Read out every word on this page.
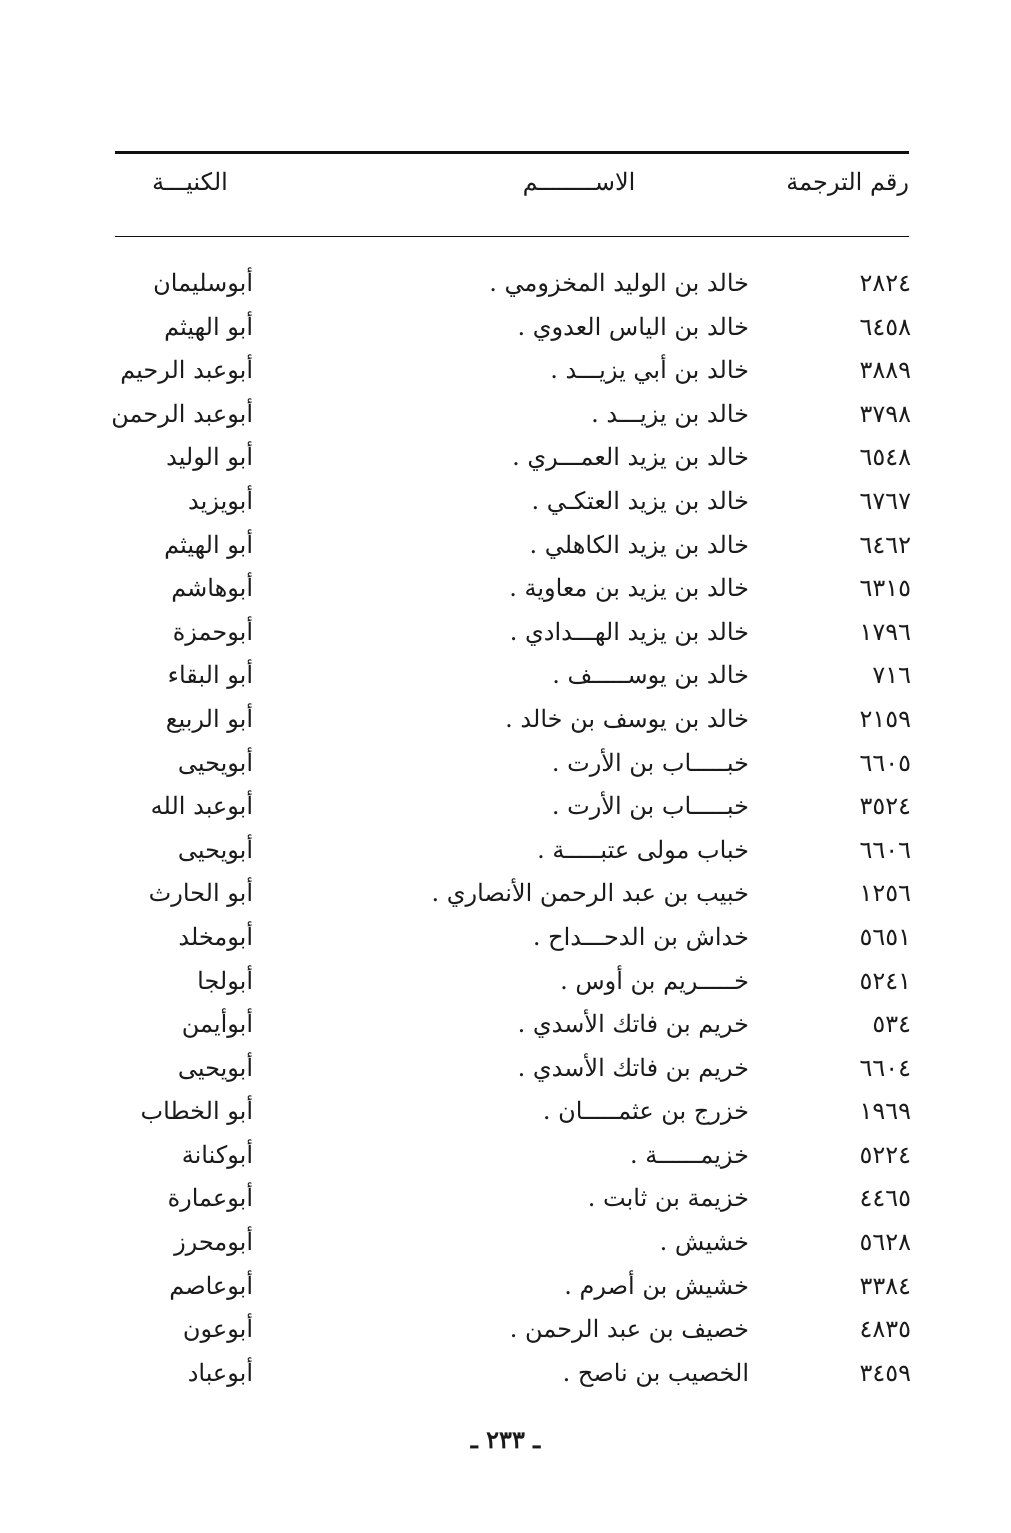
رقم الترجمة
الاســــــــم
الكنيـــة
٢٨٢٤
خالد بن الوليد المخزومي .
أبوسليمان
٦٤٥٨
خالد بن الياس العدوي .
أبو الهيثم
٣٨٨٩
خالد بن أبي يزيـــد .
أبوعبد الرحيم
٣٧٩٨
خالد بن يزيـــد .
أبوعبد الرحمن
٦٥٤٨
خالد بن يزيد العمـــري .
أبو الوليد
٦٧٦٧
خالد بن يزيد العتكـي .
أبويزيد
٦٤٦٢
خالد بن يزيد الكاهلي .
أبو الهيثم
٦٣١٥
خالد بن يزيد بن معاوية .
أبوهاشم
١٧٩٦
خالد بن يزيد الهـــدادي .
أبوحمزة
٧١٦
خالد بن يوســـــف .
أبو البقاء
٢١٥٩
خالد بن يوسف بن خالد .
أبو الربيع
٦٦٠٥
خبـــــاب بن الأرت .
أبويحيى
٣٥٢٤
خبـــــاب بن الأرت .
أبوعبد الله
٦٦٠٦
خباب مولى عتبـــــة .
أبويحيى
١٢٥٦
خبيب بن عبد الرحمن الأنصاري .
أبو الحارث
٥٦٥١
خداش بن الدحـــداح .
أبومخلد
٥٢٤١
خـــــريم بن أوس .
أبولجا
٥٣٤
خريم بن فاتك الأسدي .
أبوأيمن
٦٦٠٤
خريم بن فاتك الأسدي .
أبويحيى
١٩٦٩
خزرج بن عثمـــــان .
أبو الخطاب
٥٢٢٤
خزيمــــــة .
أبوكنانة
٤٤٦٥
خزيمة بن ثابت .
أبوعمارة
٥٦٢٨
خشيش .
أبومحرز
٣٣٨٤
خشيش بن أصرم .
أبوعاصم
٤٨٣٥
خصيف بن عبد الرحمن .
أبوعون
٣٤٥٩
الخصيب بن ناصح .
أبوعباد
ـ ٢٣٣ ـ
